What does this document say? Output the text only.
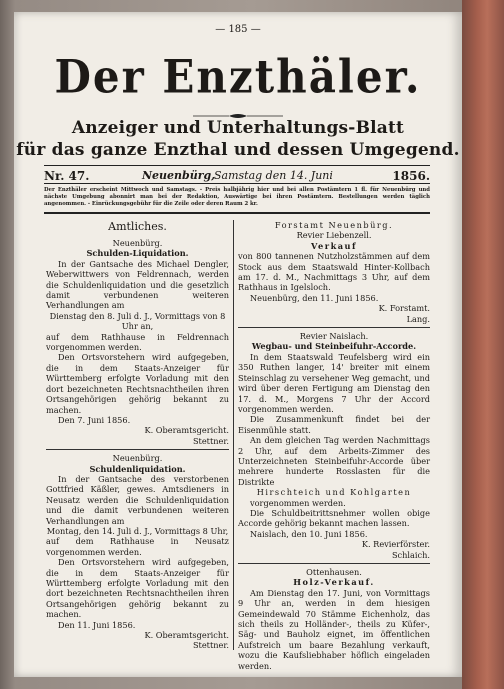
— 185 —
Der Enzthäler.
Anzeiger und Unterhaltungs-Blatt
für das ganze Enzthal und dessen Umgegend.
Nr. 47.	Neuenbürg,
Samstag den 14. Juni	1856.
Der Enzthäler erscheint Mittwoch und Samstags. - Preis halbjährig hier und bei allen Postämtern 1 fl. für Neuenbürg und nächste Umgebung abonnirt man bei der Redaktion, Auswärtige bei ihren Postämtern. Bestellungen werden täglich angenommen. - Einrückungsgebühr für die Zeile oder deren Raum 2 kr.

Amtliches.

Neuenbürg.

Schulden-Liquidation.

In der Gantsache des Michael Dengler, Weberwittwers von Feldrennach, werden die Schuldenliquidation und die gesetzlich damit verbundenen weiteren Verhandlungen am

Dienstag den 8. Juli d. J., Vormittags von 8 Uhr an,

auf dem Rathhause in Feldrennach vorgenommen werden.

Den Ortsvorstehern wird aufgegeben, die in dem Staats-Anzeiger für Württemberg erfolgte Vorladung mit den dort bezeichneten Rechtsnachtheilen ihren Ortsangehörigen gehörig bekannt zu machen.

Den 7. Juni 1856.

K. Oberamtsgericht.

Stettner.

Neuenbürg.

Schuldenliquidation.

In der Gantsache des verstorbenen Gottfried Käßler, gewes. Amtsdieners in Neusatz werden die Schuldenliquidation und die damit verbundenen weiteren Verhandlungen am

Montag, den 14. Juli d. J., Vormittags 8 Uhr,

auf dem Rathhause in Neusatz vorgenommen werden.

Den Ortsvorstehern wird aufgegeben, die in dem Staats-Anzeiger für Württemberg erfolgte Vorladung mit den dort bezeichneten Rechtsnachtheilen ihren Ortsangehörigen gehörig bekannt zu machen.

Den 11. Juni 1856.

K. Oberamtsgericht.

Stettner.

Forstamt Neuenbürg.

Revier Liebenzell.

Verkauf

von 800 tannenen Nutzholzstämmen auf dem Stock aus dem Staatswald Hinter-Kollbach am 17. d. M., Nachmittags 3 Uhr, auf dem Rathhaus in Igelsloch.

Neuenbürg, den 11. Juni 1856.

K. Forstamt.

Lang.

Revier Naislach.

Wegbau- und Steinbeifuhr-Accorde.

In dem Staatswald Teufelsberg wird ein 350 Ruthen langer, 14' breiter mit einem Steinschlag zu versehener Weg gemacht, und wird über deren Fertigung am Dienstag den 17. d. M., Morgens 7 Uhr der Accord vorgenommen werden.

Die Zusammenkunft findet bei der Eisenmühle statt.

An dem gleichen Tag werden Nachmittags 2 Uhr, auf dem Arbeits-Zimmer des Unterzeichneten Steinbeifuhr-Accorde über mehrere hunderte Rosslasten für die Distrikte

Hirschteich und Kohlgarten

vorgenommen werden.

Die Schuldbeitrittsnehmer wollen obige Accorde gehörig bekannt machen lassen.

Naislach, den 10. Juni 1856.

K. Revierförster.

Schlaich.

Ottenhausen.

Holz-Verkauf.

Am Dienstag den 17. Juni, von Vormittags 9 Uhr an, werden in dem hiesigen Gemeindewald 70 Stämme Eichenholz, das sich theils zu Holländer-, theils zu Küfer-, Säg- und Bauholz eignet, im öffentlichen Aufstreich um baare Bezahlung verkauft, wozu die Kaufsliebhaber höflich eingeladen werden.
